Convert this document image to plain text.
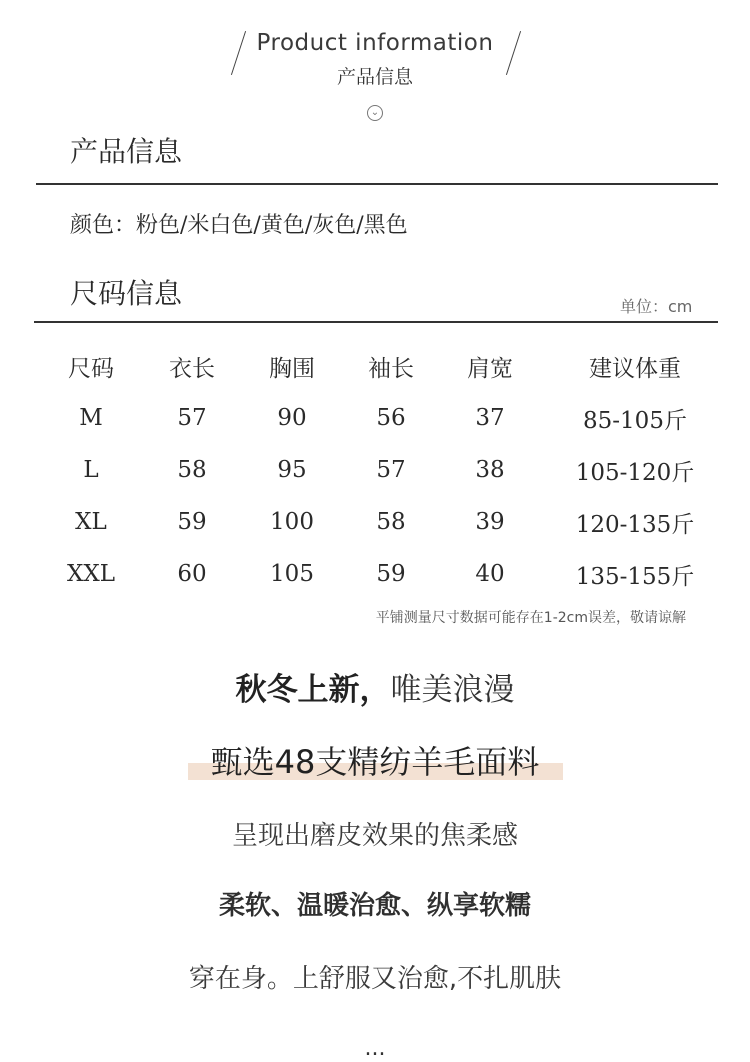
Product information
产品信息
⌄
产品信息
颜色：粉色/米白色/黄色/灰色/黑色
尺码信息	单位：cm
尺码	衣长	胸围	袖长	肩宽	建议体重
M	57	90	56	37	85-105斤
L	58	95	57	38	105-120斤
XL	59	100	58	39	120-135斤
XXL	60	105	59	40	135-155斤
平铺测量尺寸数据可能存在1-2cm误差，敬请谅解
秋冬上新，唯美浪漫
甄选48支精纺羊毛面料
呈现出磨皮效果的焦柔感
柔软、温暖治愈、纵享软糯
穿在身。上舒服又治愈,不扎肌肤
...
